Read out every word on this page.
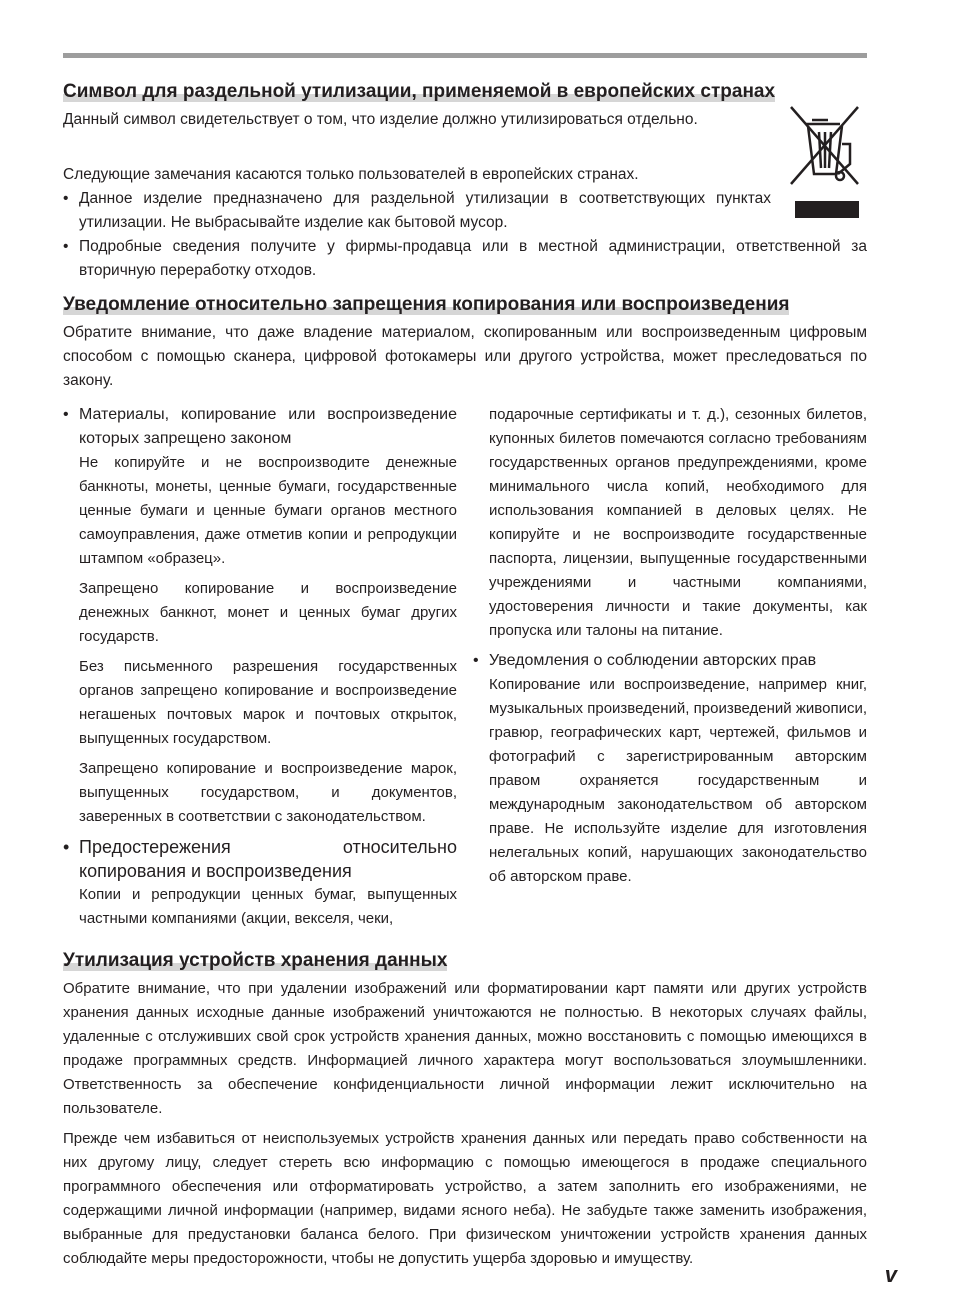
Символ для раздельной утилизации, применяемой в европейских странах

Данный символ свидетельствует о том, что изделие должно утилизироваться отдельно.

Следующие замечания касаются только пользователей в европейских странах.

• Данное изделие предназначено для раздельной утилизации в соответствующих пунктах утилизации. Не выбрасывайте изделие как бытовой мусор.
• Подробные сведения получите у фирмы-продавца или в местной администрации, ответственной за вторичную переработку отходов.
Уведомление относительно запрещения копирования или воспроизведения

Обратите внимание, что даже владение материалом, скопированным или воспроизведенным цифровым способом с помощью сканера, цифровой фотокамеры или другого устройства, может преследоваться по закону.

• Материалы, копирование или воспроизведение которых запрещено законом

Не копируйте и не воспроизводите денежные банкноты, монеты, ценные бумаги, государственные ценные бумаги и ценные бумаги органов местного самоуправления, даже отметив копии и репродукции штампом «образец».

Запрещено копирование и воспроизведение денежных банкнот, монет и ценных бумаг других государств.

Без письменного разрешения государственных органов запрещено копирование и воспроизведение негашеных почтовых марок и почтовых открыток, выпущенных государством.

Запрещено копирование и воспроизведение марок, выпущенных государством, и документов, заверенных в соответствии с законодательством.

• Предостережения относительно
копирования и воспроизведения

Копии и репродукции ценных бумаг, выпущенных частными компаниями (акции, векселя, чеки,

подарочные сертификаты и т. д.), сезонных билетов, купонных билетов помечаются согласно требованиям государственных органов предупреждениями, кроме минимального числа копий, необходимого для использования компанией в деловых целях. Не копируйте и не воспроизводите государственные паспорта, лицензии, выпущенные государственными учреждениями и частными компаниями, удостоверения личности и такие документы, как пропуска или талоны на питание.

• Уведомления о соблюдении авторских прав

Копирование или воспроизведение, например книг, музыкальных произведений, произведений живописи, гравюр, географических карт, чертежей, фильмов и фотографий с зарегистрированным авторским правом охраняется государственным и международным законодательством об авторском праве. Не используйте изделие для изготовления нелегальных копий, нарушающих законодательство об авторском праве.

Утилизация устройств хранения данных

Обратите внимание, что при удалении изображений или форматировании карт памяти или других устройств хранения данных исходные данные изображений уничтожаются не полностью. В некоторых случаях файлы, удаленные с отслуживших свой срок устройств хранения данных, можно восстановить с помощью имеющихся в продаже программных средств. Информацией личного характера могут воспользоваться злоумышленники. Ответственность за обеспечение конфиденциальности личной информации лежит исключительно на пользователе.

Прежде чем избавиться от неиспользуемых устройств хранения данных или передать право собственности на них другому лицу, следует стереть всю информацию с помощью имеющегося в продаже специального программного обеспечения или отформатировать устройство, а затем заполнить его изображениями, не содержащими личной информации (например, видами ясного неба). Не забудьте также заменить изображения, выбранные для предустановки баланса белого. При физическом уничтожении устройств хранения данных соблюдайте меры предосторожности, чтобы не допустить ущерба здоровью и имуществу.

v
